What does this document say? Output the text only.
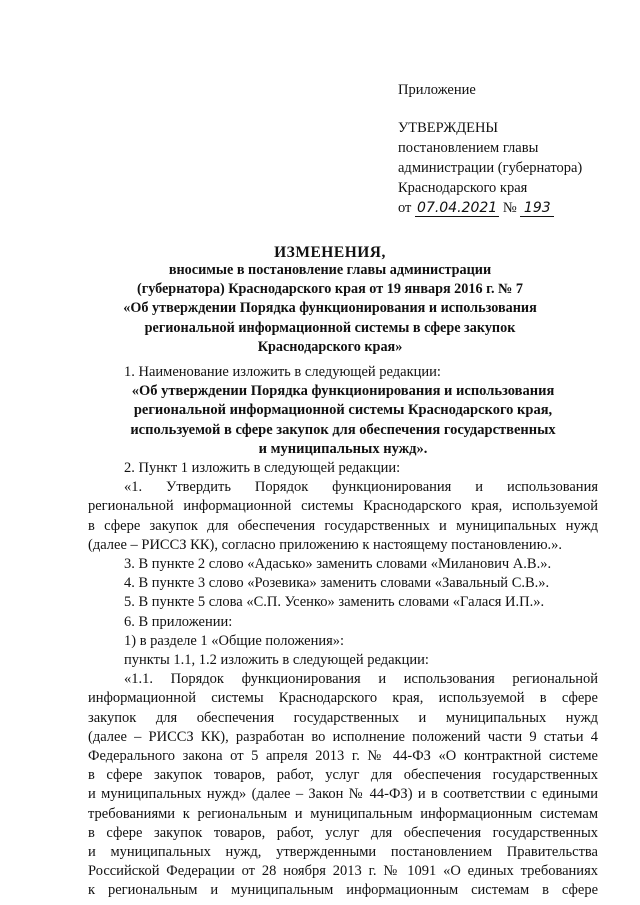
Приложение
УТВЕРЖДЕНЫ
постановлением главы
администрации (губернатора)
Краснодарского края
от 07.04.2021 № 193
ИЗМЕНЕНИЯ,
вносимые в постановление главы администрации
(губернатора) Краснодарского края от 19 января 2016 г. № 7
«Об утверждении Порядка функционирования и использования
региональной информационной системы в сфере закупок
Краснодарского края»

1. Наименование изложить в следующей редакции:

«Об утверждении Порядка функционирования и использования

региональной информационной системы Краснодарского края,

используемой в сфере закупок для обеспечения государственных

и муниципальных нужд».

2. Пункт 1 изложить в следующей редакции:

«1.    Утвердить    Порядок    функционирования    и    использования

региональной информационной системы Краснодарского края, используемой

в сфере закупок для обеспечения государственных и муниципальных нужд

(далее – РИССЗ КК), согласно приложению к настоящему постановлению.».

3. В пункте 2 слово «Адасько» заменить словами «Миланович А.В.».

4. В пункте 3 слово «Розевика» заменить словами «Завальный С.В.».

5. В пункте 5 слова «С.П. Усенко» заменить словами «Галася И.П.».

6. В приложении:

1) в разделе 1 «Общие положения»:

пункты 1.1, 1.2 изложить в следующей редакции:

«1.1. Порядок функционирования и использования региональной

информационной системы Краснодарского края, используемой в сфере

закупок для обеспечения государственных и муниципальных нужд

(далее – РИССЗ КК), разработан во исполнение положений части 9 статьи 4

Федерального закона от 5 апреля 2013 г. № 44-ФЗ «О контрактной системе

в сфере закупок товаров, работ, услуг для обеспечения государственных

и муниципальных нужд» (далее – Закон № 44-ФЗ) и в соответствии с едиными

требованиями к региональным и муниципальным информационным системам

в сфере закупок товаров, работ, услуг для обеспечения государственных

и муниципальных нужд, утвержденными постановлением Правительства

Российской Федерации от 28 ноября 2013 г. № 1091 «О единых требованиях

к региональным и муниципальным информационным системам в сфере
